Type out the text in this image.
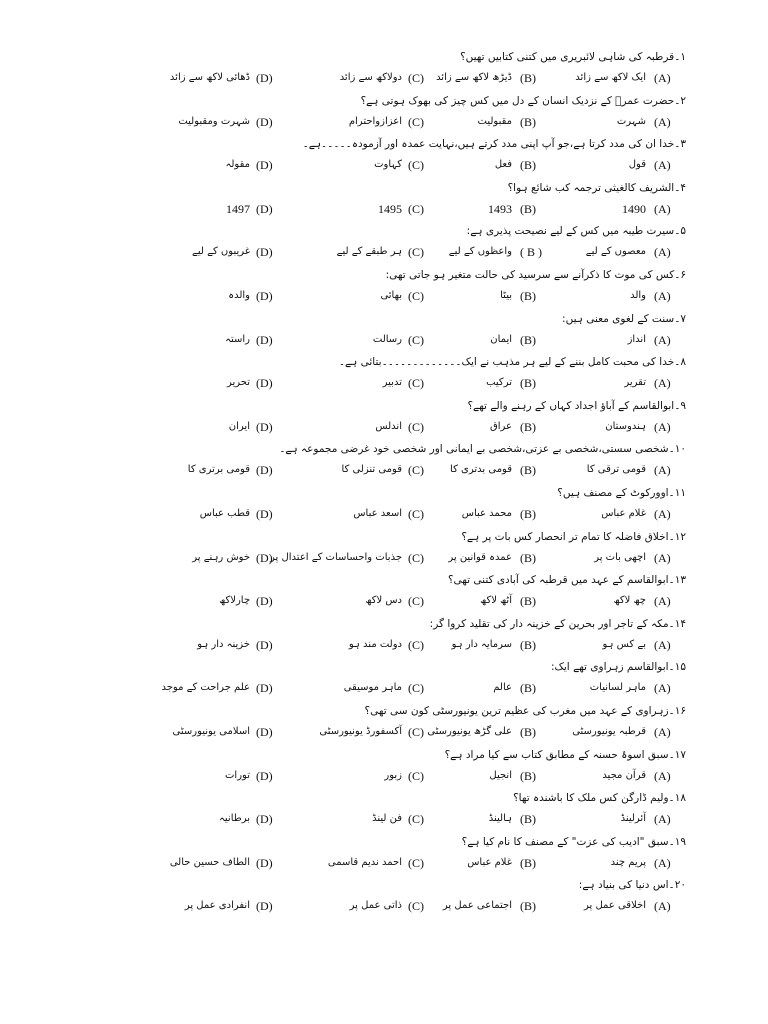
۱۔قرطبہ کی شاہی لائبریری میں کتنی کتابیں تھیں؟
ایک لاکھ سے زائد (A)
ڈیڑھ لاکھ سے زائد (B)
دولاکھ سے زائد (C)
ڈھائی لاکھ سے زائد (D)
۲۔حضرت عمرؓ کے نزدیک انسان کے دل میں کس چیز کی بھوک ہوتی ہے؟
شہرت (A)
مقبولیت (B)
اعزازواحترام (C)
شہرت ومقبولیت (D)
۳۔خدا ان کی مدد کرتا ہے،جو آپ اپنی مدد کرتے ہیں،نہایت عمدہ اور آزمودہ۔۔۔۔۔ہے۔
قول (A)
فعل (B)
کہاوت (C)
مقولہ (D)
۴۔الشریف کالغیثی ترجمہ کب شائع ہوا؟
1490 (A)
1493 (B)
1495 (C)
1497 (D)
۵۔سیرت طیبہ میں کس کے لیے نصیحت پذیری ہے:
معصوں کے لیے (A)
واعظوں کے لیے ( B )
ہر طبقے کے لیے (C)
غریبوں کے لیے (D)
۶۔کس کی موت کا ذکرآنے سے سرسید کی حالت متغیر ہو جاتی تھی:
والد (A)
بیٹا (B)
بھائی (C)
والدہ (D)
۷۔سنت کے لغوی معنی ہیں:
انداز (A)
ایمان (B)
رسالت (C)
راستہ (D)
۸۔خدا کی محبت کامل بننے کے لیے ہر مذہب نے ایک۔۔۔۔۔۔۔۔۔۔۔۔۔بتائی ہے۔
تقریر (A)
ترکیب (B)
تدبیر (C)
تحریر (D)
۹۔ابوالقاسم کے آباؤ اجداد کہاں کے رہنے والے تھے؟
ہندوستان (A)
عراق (B)
اندلس (C)
ایران (D)
۱۰۔شخصی سستی،شخصی بے عزتی،شخصی بے ایمانی اور شخصی خود غرضی مجموعہ ہے۔
قومی ترقی کا (A)
قومی بدتری کا (B)
قومی تنزلی کا (C)
قومی برتری کا (D)
۱۱۔اوورکوٹ کے مصنف ہیں؟
غلام عباس (A)
محمد عباس (B)
اسعد عباس (C)
قطب عباس (D)
۱۲۔اخلاق فاضلہ کا تمام تر انحصار کس بات پر ہے؟
اچھی بات پر (A)
عمدہ قوانین پر (B)
جذبات واحساسات کے اعتدال پر (C)
خوش رہنے پر (D)
۱۳۔ابوالقاسم کے عہد میں قرطبہ کی آبادی کتنی تھی؟
چھ لاکھ (A)
آٹھ لاکھ (B)
دس لاکھ (C)
چارلاکھ (D)
۱۴۔مکہ کے تاجر اور بحرین کے خزینہ دار کی تقلید کروا گر:
بے کس ہو (A)
سرمایہ دار ہو (B)
دولت مند ہو (C)
خزینہ دار ہو (D)
۱۵۔ابوالقاسم زہراوی تھے ایک:
ماہر لسانیات (A)
عالم (B)
ماہر موسیقی (C)
علم جراحت کے موجد (D)
۱۶۔زہراوی کے عہد میں مغرب کی عظیم ترین یونیورسٹی کون سی تھی؟
قرطبہ یونیورسٹی (A)
علی گڑھ یونیورسٹی (B)
آکسفورڈ یونیورسٹی (C)
اسلامی یونیورسٹی (D)
۱۷۔سبق اسوۂ حسنہ کے مطابق کتاب سے کیا مراد ہے؟
قرآن مجید (A)
انجیل (B)
زبور (C)
تورات (D)
۱۸۔ولیم ڈارگن کس ملک کا باشندہ تھا؟
آئرلینڈ (A)
ہالینڈ (B)
فن لینڈ (C)
برطانیہ (D)
۱۹۔سبق "ادیب کی عزت" کے مصنف کا نام کیا ہے؟
پریم چند (A)
غلام عباس (B)
احمد ندیم قاسمی (C)
الطاف حسین حالی (D)
۲۰۔اس دنیا کی بنیاد ہے:
اخلاقی عمل پر (A)
اجتماعی عمل پر (B)
ذاتی عمل پر (C)
انفرادی عمل پر (D)
